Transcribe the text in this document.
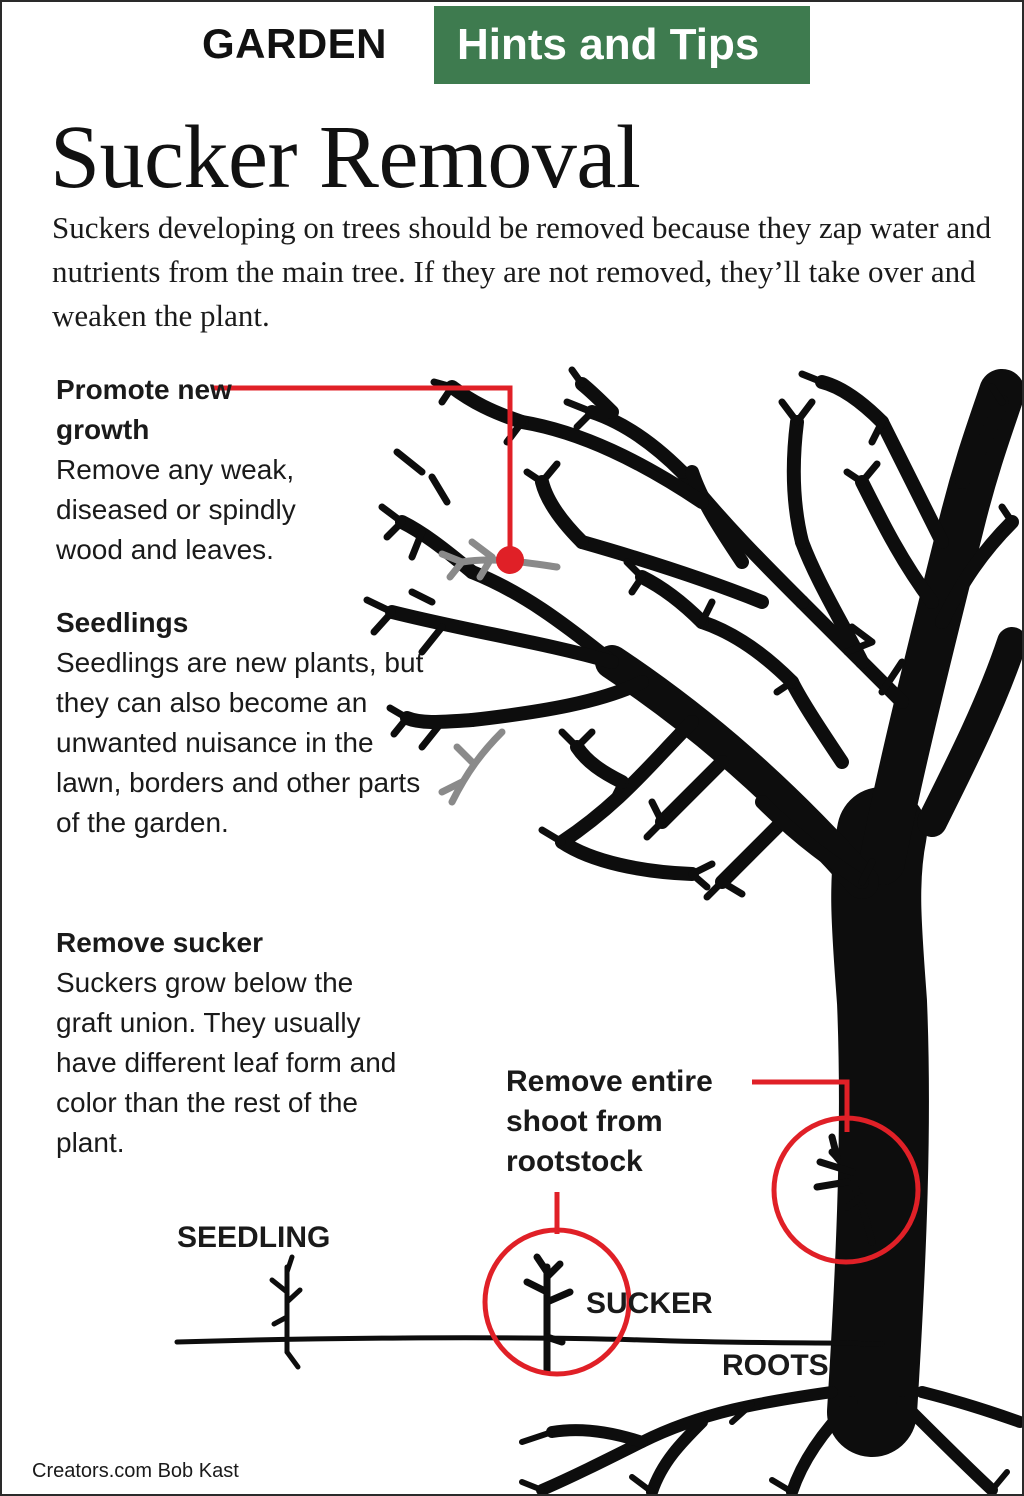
GARDEN Hints and Tips
Sucker Removal
Suckers developing on trees should be removed because they zap water and nutrients from the main tree. If they are not removed, they’ll take over and weaken the plant.
Promote new growth
Remove any weak, diseased or spindly wood and leaves.
Seedlings
Seedlings are new plants, but they can also become an unwanted nuisance in the lawn, borders and other parts of the garden.
Remove sucker
Suckers grow below the graft union. They usually have different leaf form and color than the rest of the plant.
SEEDLING
SUCKER
ROOTS
Remove entire shoot from rootstock
Creators.com Bob Kast
